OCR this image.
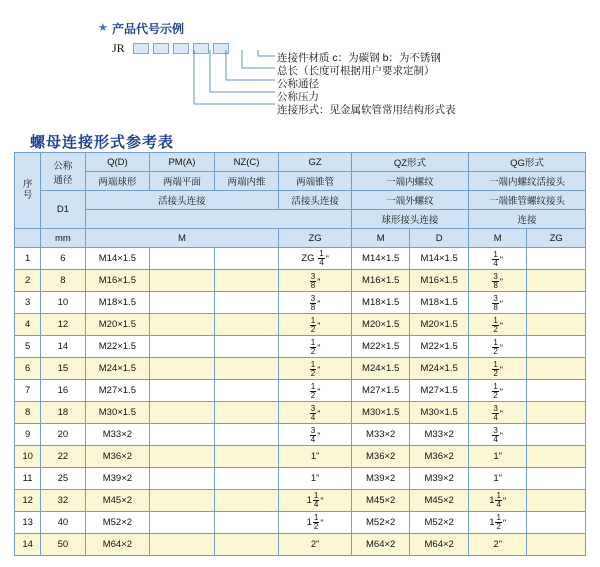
★ 产品代号示例
JR
连接件材质 c：为碳钢 b：为不锈钢
总长（长度可根据用户要求定制）
公称通径
公称压力
连接形式：见金属软管常用结构形式表
螺母连接形式参考表
序
号	公称
通径	Q(D)	PM(A)	NZ(C)	GZ	QZ形式		QG形式	
		两端球形	两端平面	两端内维	两端锥管	一端内螺纹		一端内螺纹活接头	
	D1	活接头连接			活接头连接	一端外螺纹		一端锥管螺纹接头	
						球形接头连接		连接	
	mm	M			ZG	M	D	M	ZG
1	6	M14×1.5			ZG $\frac{1}{4}$ "	M14×1.5	M14×1.5	$\frac{1}{4}$ "	

2	8	M16×1.5			$\frac{3}{8}$ "	M16×1.5	M16×1.5	$\frac{3}{8}$ "	

3	10	M18×1.5			$\frac{3}{8}$ "	M18×1.5	M18×1.5	$\frac{3}{8}$ "	

4	12	M20×1.5			$\frac{1}{2}$ "	M20×1.5	M20×1.5	$\frac{1}{2}$ "	

5	14	M22×1.5			$\frac{1}{2}$ "	M22×1.5	M22×1.5	$\frac{1}{2}$ "	

6	15	M24×1.5			$\frac{1}{2}$ "	M24×1.5	M24×1.5	$\frac{1}{2}$ "	

7	16	M27×1.5			$\frac{1}{2}$ "	M27×1.5	M27×1.5	$\frac{1}{2}$ "	

8	18	M30×1.5			$\frac{3}{4}$ "	M30×1.5	M30×1.5	$\frac{3}{4}$ "	

9	20	M33×2			$\frac{3}{4}$ "	M33×2	M33×2	$\frac{3}{4}$ "	

10	22	M36×2			1"	M36×2	M36×2	1"	
11	25	M39×2			1"	M39×2	M39×2	1"	
12	32	M45×2			$1 \frac{1}{4}$ "	M45×2	M45×2	$1 \frac{1}{4}$ "	

13	40	M52×2			$1 \frac{1}{2}$ "	M52×2	M52×2	$1 \frac{1}{2}$ "	

14	50	M64×2			2"	M64×2	M64×2	2"	
